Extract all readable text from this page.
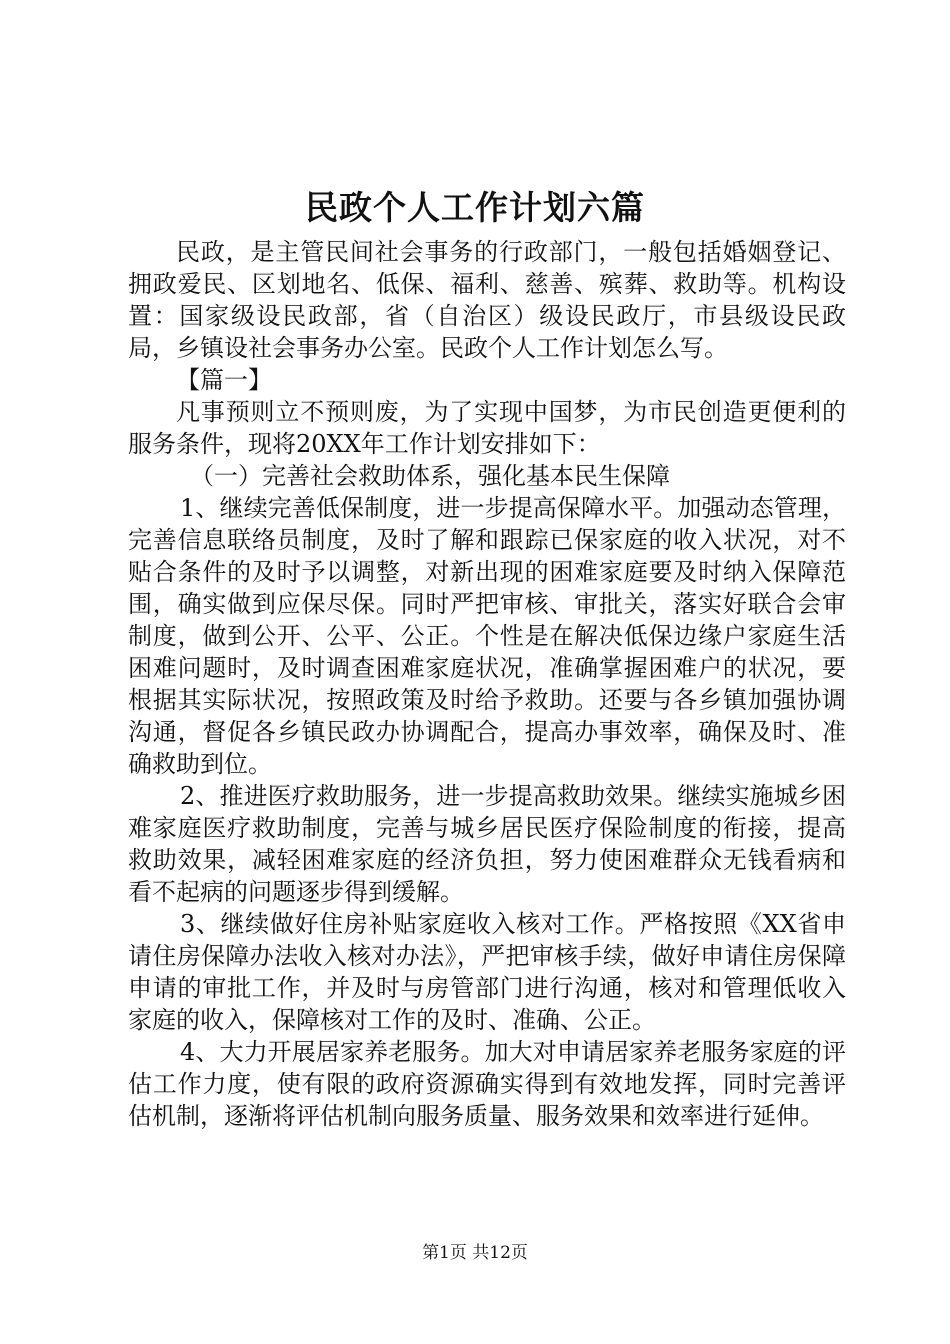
民政个人工作计划六篇

民政，是主管民间社会事务的行政部门，一般包括婚姻登记、拥政爱民、区划地名、低保、福利、慈善、殡葬、救助等。机构设置：国家级设民政部，省（自治区）级设民政厅，市县级设民政局，乡镇设社会事务办公室。民政个人工作计划怎么写。

【篇一】

凡事预则立不预则废，为了实现中国梦，为市民创造更便利的服务条件，现将20XX年工作计划安排如下：

（一）完善社会救助体系，强化基本民生保障

1、继续完善低保制度，进一步提高保障水平。加强动态管理，完善信息联络员制度，及时了解和跟踪已保家庭的收入状况，对不贴合条件的及时予以调整，对新出现的困难家庭要及时纳入保障范围，确实做到应保尽保。同时严把审核、审批关，落实好联合会审制度，做到公开、公平、公正。个性是在解决低保边缘户家庭生活困难问题时，及时调查困难家庭状况，准确掌握困难户的状况，要根据其实际状况，按照政策及时给予救助。还要与各乡镇加强协调沟通，督促各乡镇民政办协调配合，提高办事效率，确保及时、准确救助到位。

2、推进医疗救助服务，进一步提高救助效果。继续实施城乡困难家庭医疗救助制度，完善与城乡居民医疗保险制度的衔接，提高救助效果，减轻困难家庭的经济负担，努力使困难群众无钱看病和看不起病的问题逐步得到缓解。

3、继续做好住房补贴家庭收入核对工作。严格按照《XX省申请住房保障办法收入核对办法》，严把审核手续，做好申请住房保障申请的审批工作，并及时与房管部门进行沟通，核对和管理低收入家庭的收入，保障核对工作的及时、准确、公正。

4、大力开展居家养老服务。加大对申请居家养老服务家庭的评估工作力度，使有限的政府资源确实得到有效地发挥，同时完善评估机制，逐渐将评估机制向服务质量、服务效果和效率进行延伸。

第1页 共12页
